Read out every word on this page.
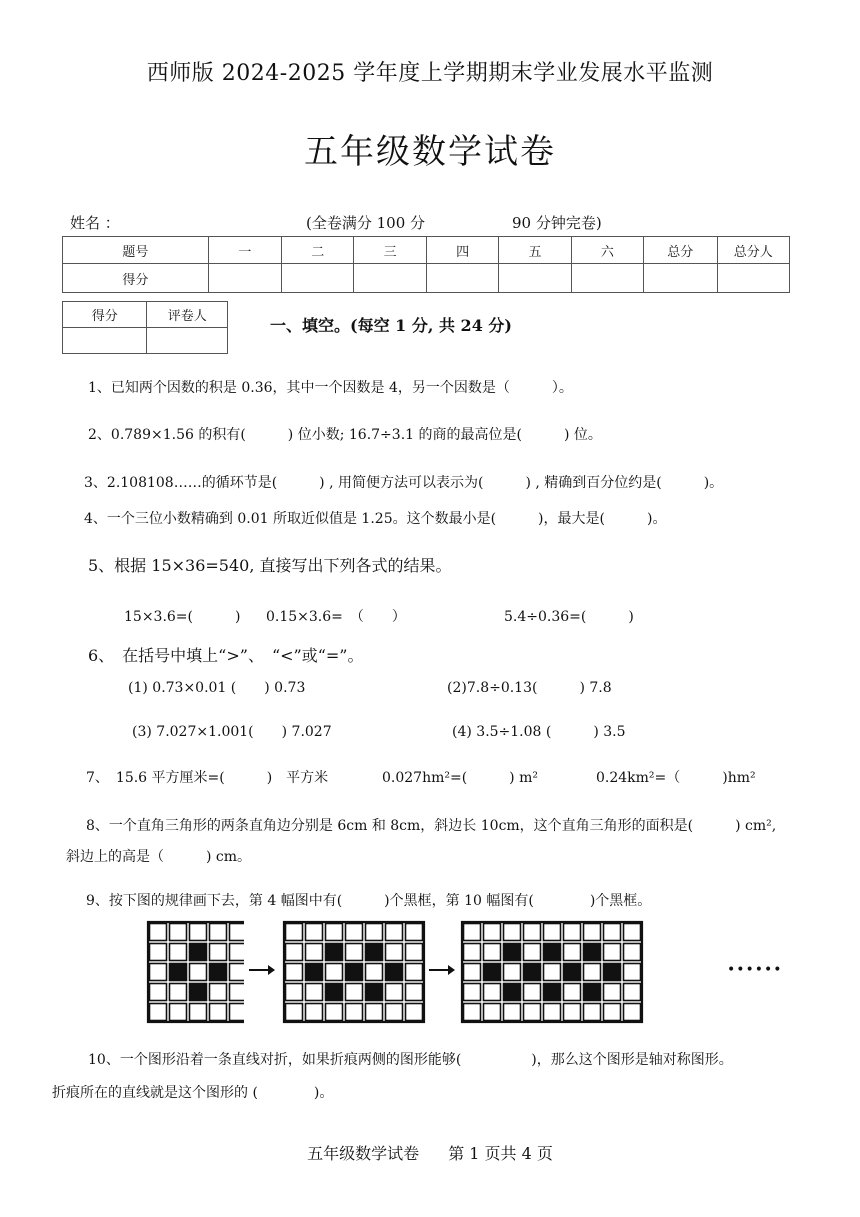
西师版 2024-2025 学年度上学期期末学业发展水平监测
五年级数学试卷
姓名 ：	(全卷满分 100 分	90 分钟完卷)
题号	一	二	三	四	五	六	总分	总分人
得分								
得分	评卷人
		一、填空。(每空 1 分, 共 24 分)
1、已知两个因数的积是 0.36，其中一个因数是 4，另一个因数是（　　　）。
2、0.789×1.56 的积有(　　　) 位小数; 16.7÷3.1 的商的最高位是(　　　) 位。
3、2.108108……的循环节是(　　　) , 用简便方法可以表示为(　　　) , 精确到百分位约是(　　　)。
4、一个三位小数精确到 0.01 所取近似值是 1.25。这个数最小是(　　　)，最大是(　　　)。
5、根据 15×36=540, 直接写出下列各式的结果。
15×3.6=(　　　) 0.15×3.6=　（　　）	5.4÷0.36=(　　　)
6、　在括号中填上“>”、　“<”或“=”。
(1) 0.73×0.01 (　　) 0.73	(2)7.8÷0.13(　　　) 7.8
(3) 7.027×1.001(　　) 7.027	(4) 3.5÷1.08 (　　　) 3.5
7、　15.6 平方厘米=(　　　)　平方米	0.027hm²=(　　　) m²	0.24km²=（　　　)hm²
8、一个直角三角形的两条直角边分别是 6cm 和 8cm，斜边长 10cm，这个直角三角形的面积是(　　　) cm²,
斜边上的高是（　　　) cm。
9、按下图的规律画下去，第 4 幅图中有(　　　)个黑框，第 10 幅图有(　　　　)个黑框。
••••••
10、一个图形沿着一条直线对折，如果折痕两侧的图形能够(　　　　　)，那么这个图形是轴对称图形。
折痕所在的直线就是这个图形的 (　　　　)。
五年级数学试卷 第 1 页共 4 页
